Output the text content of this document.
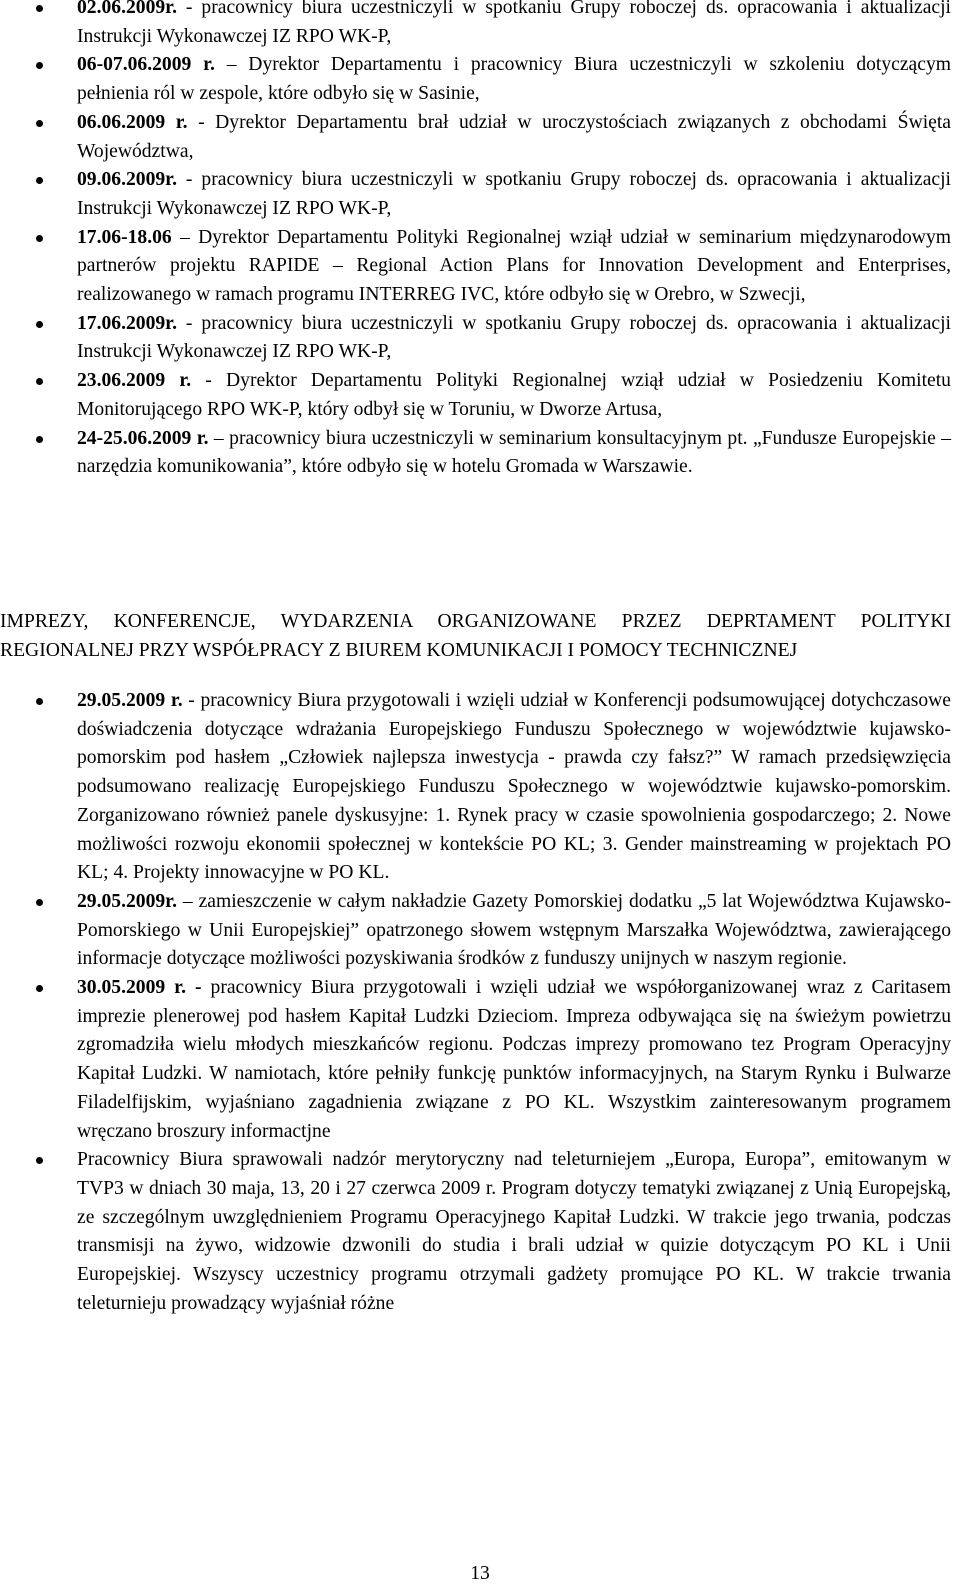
02.06.2009r. - pracownicy biura uczestniczyli w spotkaniu Grupy roboczej ds. opracowania i aktualizacji Instrukcji Wykonawczej IZ RPO WK-P,
06-07.06.2009 r. – Dyrektor Departamentu i pracownicy Biura uczestniczyli w szkoleniu dotyczącym pełnienia ról w zespole, które odbyło się w Sasinie,
06.06.2009 r. - Dyrektor Departamentu brał udział w uroczystościach związanych z obchodami Święta Województwa,
09.06.2009r. - pracownicy biura uczestniczyli w spotkaniu Grupy roboczej ds. opracowania i aktualizacji Instrukcji Wykonawczej IZ RPO WK-P,
17.06-18.06 – Dyrektor Departamentu Polityki Regionalnej wziął udział w seminarium międzynarodowym partnerów projektu RAPIDE – Regional Action Plans for Innovation Development and Enterprises, realizowanego w ramach programu INTERREG IVC, które odbyło się w Orebro, w Szwecji,
17.06.2009r. - pracownicy biura uczestniczyli w spotkaniu Grupy roboczej ds. opracowania i aktualizacji Instrukcji Wykonawczej IZ RPO WK-P,
23.06.2009 r. - Dyrektor Departamentu Polityki Regionalnej wziął udział w Posiedzeniu Komitetu Monitorującego RPO WK-P, który odbył się w Toruniu, w Dworze Artusa,
24-25.06.2009 r. – pracownicy biura uczestniczyli w seminarium konsultacyjnym pt. „Fundusze Europejskie – narzędzia komunikowania”, które odbyło się w hotelu Gromada w Warszawie.
IMPREZY, KONFERENCJE, WYDARZENIA ORGANIZOWANE PRZEZ DEPRTAMENT POLITYKI REGIONALNEJ PRZY WSPÓŁPRACY Z BIUREM KOMUNIKACJI I POMOCY TECHNICZNEJ
29.05.2009 r. - pracownicy Biura przygotowali i wzięli udział w Konferencji podsumowującej dotychczasowe doświadczenia dotyczące wdrażania Europejskiego Funduszu Społecznego w województwie kujawsko-pomorskim pod hasłem „Człowiek najlepsza inwestycja - prawda czy fałsz?” W ramach przedsięwzięcia podsumowano realizację Europejskiego Funduszu Społecznego w województwie kujawsko-pomorskim. Zorganizowano również panele dyskusyjne: 1. Rynek pracy w czasie spowolnienia gospodarczego; 2. Nowe możliwości rozwoju ekonomii społecznej w kontekście PO KL; 3. Gender mainstreaming w projektach PO KL; 4. Projekty innowacyjne w PO KL.
29.05.2009r. – zamieszczenie w całym nakładzie Gazety Pomorskiej dodatku „5 lat Województwa Kujawsko-Pomorskiego w Unii Europejskiej” opatrzonego słowem wstępnym Marszałka Województwa, zawierającego informacje dotyczące możliwości pozyskiwania środków z funduszy unijnych w naszym regionie.
30.05.2009 r. - pracownicy Biura przygotowali i wzięli udział we współorganizowanej wraz z Caritasem imprezie plenerowej pod hasłem Kapitał Ludzki Dzieciom. Impreza odbywająca się na świeżym powietrzu zgromadziła wielu młodych mieszkańców regionu. Podczas imprezy promowano tez Program Operacyjny Kapitał Ludzki. W namiotach, które pełniły funkcję punktów informacyjnych, na Starym Rynku i Bulwarze Filadelfijskim, wyjaśniano zagadnienia związane z PO KL. Wszystkim zainteresowanym programem wręczano broszury informactjne
Pracownicy Biura sprawowali nadzór merytoryczny nad teleturniejem „Europa, Europa”, emitowanym w TVP3 w dniach 30 maja, 13, 20 i 27 czerwca 2009 r. Program dotyczy tematyki związanej z Unią Europejską, ze szczególnym uwzględnieniem Programu Operacyjnego Kapitał Ludzki. W trakcie jego trwania, podczas transmisji na żywo, widzowie dzwonili do studia i brali udział w quizie dotyczącym PO KL i Unii Europejskiej. Wszyscy uczestnicy programu otrzymali gadżety promujące PO KL. W trakcie trwania teleturnieju prowadzący wyjaśniał różne
13
